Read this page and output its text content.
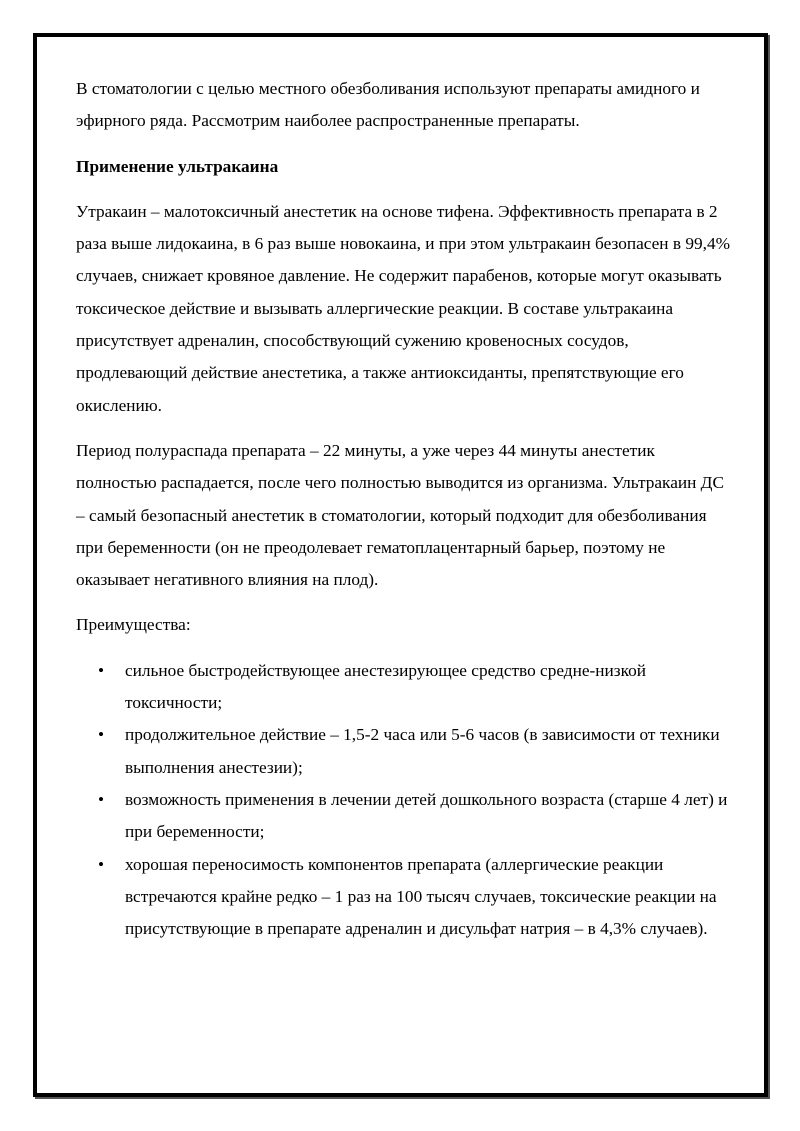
В стоматологии с целью местного обезболивания используют препараты амидного и эфирного ряда. Рассмотрим наиболее распространенные препараты.

Применение ультракаина

Утракаин – малотоксичный анестетик на основе тифена. Эффективность препарата в 2 раза выше лидокаина, в 6 раз выше новокаина, и при этом ультракаин безопасен в 99,4% случаев, снижает кровяное давление. Не содержит парабенов, которые могут оказывать токсическое действие и вызывать аллергические реакции. В составе ультракаина присутствует адреналин, способствующий сужению кровеносных сосудов, продлевающий действие анестетика, а также антиоксиданты, препятствующие его окислению.

Период полураспада препарата – 22 минуты, а уже через 44 минуты анестетик полностью распадается, после чего полностью выводится из организма. Ультракаин ДС – самый безопасный анестетик в стоматологии, который подходит для обезболивания при беременности (он не преодолевает гематоплацентарный барьер, поэтому не оказывает негативного влияния на плод).

Преимущества:

• сильное быстродействующее анестезирующее средство средне-низкой токсичности;
• продолжительное действие – 1,5-2 часа или 5-6 часов (в зависимости от техники выполнения анестезии);
• возможность применения в лечении детей дошкольного возраста (старше 4 лет) и при беременности;
• хорошая переносимость компонентов препарата (аллергические реакции встречаются крайне редко – 1 раз на 100 тысяч случаев, токсические реакции на присутствующие в препарате адреналин и дисульфат натрия – в 4,3% случаев).
